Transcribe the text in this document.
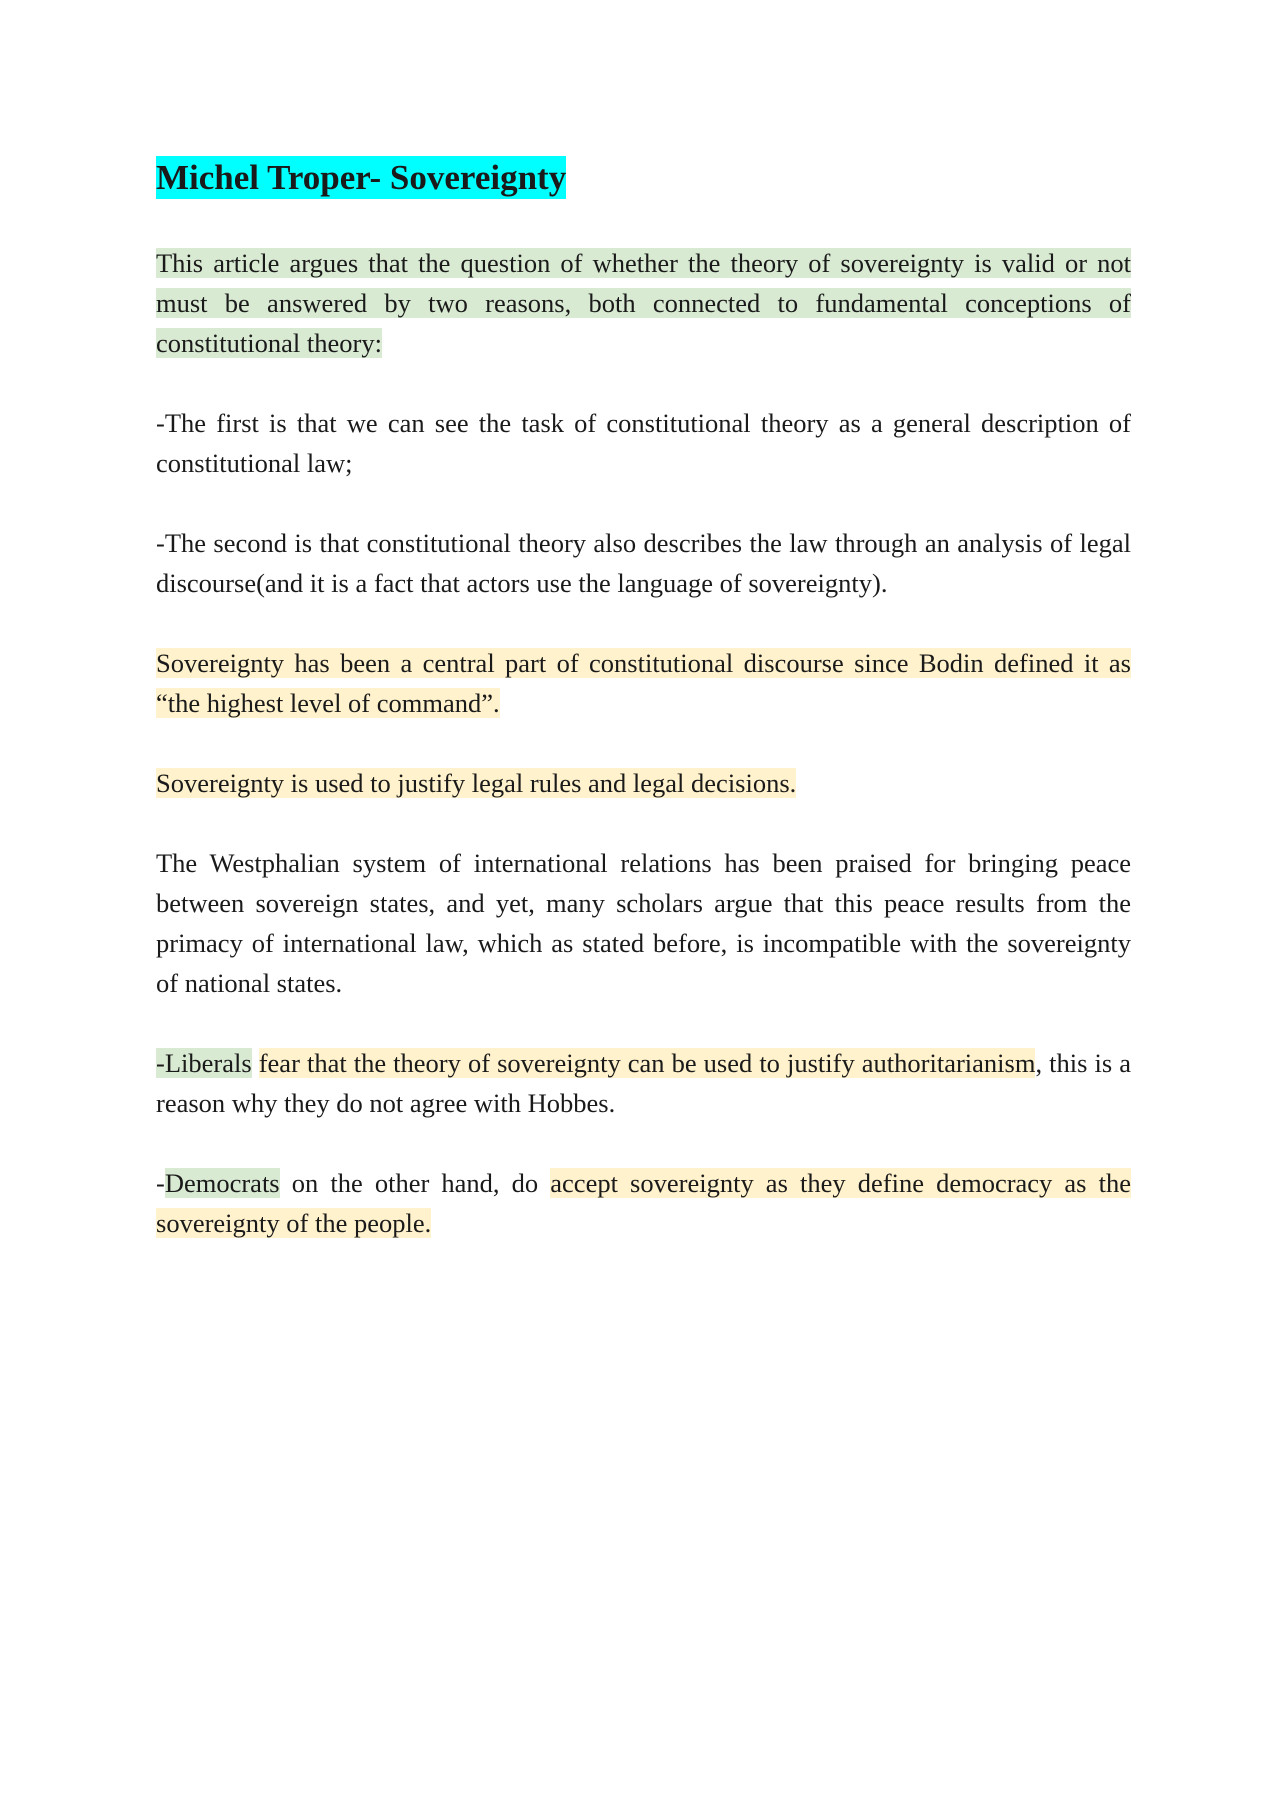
Michel Troper- Sovereignty

This article argues that the question of whether the theory of sovereignty is valid or not must be answered by two reasons, both connected to fundamental conceptions of constitutional theory:

-The first is that we can see the task of constitutional theory as a general description of constitutional law;

-The second is that constitutional theory also describes the law through an analysis of legal discourse(and it is a fact that actors use the language of sovereignty).

Sovereignty has been a central part of constitutional discourse since Bodin defined it as “the highest level of command”.

Sovereignty is used to justify legal rules and legal decisions.

The Westphalian system of international relations has been praised for bringing peace between sovereign states, and yet, many scholars argue that this peace results from the primacy of international law, which as stated before, is incompatible with the sovereignty of national states.

-Liberals fear that the theory of sovereignty can be used to justify authoritarianism, this is a reason why they do not agree with Hobbes.

-Democrats on the other hand, do accept sovereignty as they define democracy as the sovereignty of the people.
